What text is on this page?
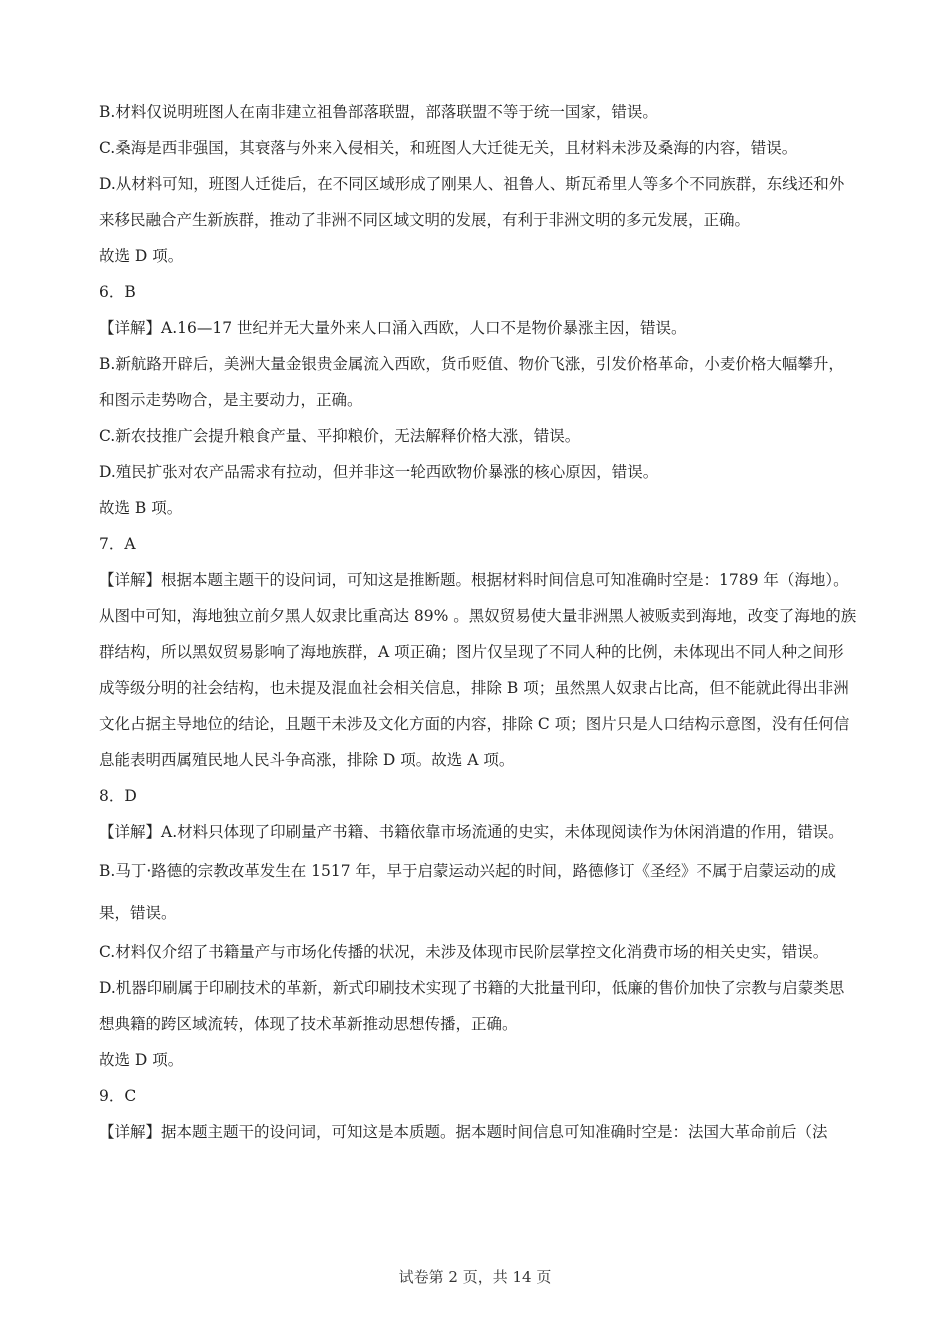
B.材料仅说明班图人在南非建立祖鲁部落联盟，部落联盟不等于统一国家，错误。

C.桑海是西非强国，其衰落与外来入侵相关，和班图人大迁徙无关，且材料未涉及桑海的内容，错误。

D.从材料可知，班图人迁徙后，在不同区域形成了刚果人、祖鲁人、斯瓦希里人等多个不同族群，东线还和外来移民融合产生新族群，推动了非洲不同区域文明的发展，有利于非洲文明的多元发展，正确。

故选 D 项。

6．B

【详解】A.16—17 世纪并无大量外来人口涌入西欧，人口不是物价暴涨主因，错误。

B.新航路开辟后，美洲大量金银贵金属流入西欧，货币贬值、物价飞涨，引发价格革命，小麦价格大幅攀升，和图示走势吻合，是主要动力，正确。

C.新农技推广会提升粮食产量、平抑粮价，无法解释价格大涨，错误。

D.殖民扩张对农产品需求有拉动，但并非这一轮西欧物价暴涨的核心原因，错误。

故选 B 项。

7．A

【详解】根据本题主题干的设问词，可知这是推断题。根据材料时间信息可知准确时空是：1789 年（海地）。从图中可知，海地独立前夕黑人奴隶比重高达 89% 。黑奴贸易使大量非洲黑人被贩卖到海地，改变了海地的族群结构，所以黑奴贸易影响了海地族群，A 项正确；图片仅呈现了不同人种的比例，未体现出不同人种之间形成等级分明的社会结构，也未提及混血社会相关信息，排除 B 项；虽然黑人奴隶占比高，但不能就此得出非洲文化占据主导地位的结论，且题干未涉及文化方面的内容，排除 C 项；图片只是人口结构示意图，没有任何信息能表明西属殖民地人民斗争高涨，排除 D 项。故选 A 项。

8．D

【详解】A.材料只体现了印刷量产书籍、书籍依靠市场流通的史实，未体现阅读作为休闲消遣的作用，错误。

B.马丁·路德的宗教改革发生在 1517 年，早于启蒙运动兴起的时间，路德修订《圣经》不属于启蒙运动的成果，错误。

C.材料仅介绍了书籍量产与市场化传播的状况，未涉及体现市民阶层掌控文化消费市场的相关史实，错误。

D.机器印刷属于印刷技术的革新，新式印刷技术实现了书籍的大批量刊印，低廉的售价加快了宗教与启蒙类思想典籍的跨区域流转，体现了技术革新推动思想传播，正确。

故选 D 项。

9．C

【详解】据本题主题干的设问词，可知这是本质题。据本题时间信息可知准确时空是：法国大革命前后（法

试卷第 2 页，共 14 页
